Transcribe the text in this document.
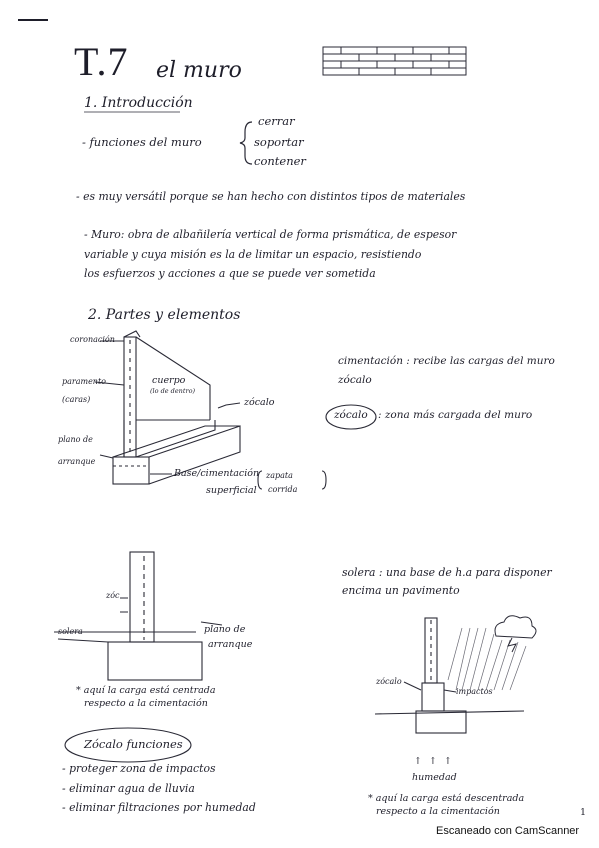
T.7 el muro
1. Introducción
- funciones del muro
cerrar
soportar
contener
- es muy versátil porque se han hecho con distintos tipos de materiales
- Muro: obra de albañilería vertical de forma prismática, de espesor
variable y cuya misión es la de limitar un espacio, resistiendo
los esfuerzos y acciones a que se puede ver sometida
2. Partes y elementos
coronación
paramento
(caras)
cuerpo
(lo de dentro)
zócalo
plano de
arranque
Base/cimentación
superficial
zapata
corrida
cimentación : recibe las cargas del muro
zócalo
zócalo : zona más cargada del muro
zóc
solera	plano de
arranque
* aquí la carga está centrada
respecto a la cimentación
solera : una base de h.a para disponer
encima un pavimento
zócalo
impactos
↑ ↑ ↑
humedad
* aquí la carga está descentrada
respecto a la cimentación
Zócalo funciones
- proteger zona de impactos
- eliminar agua de lluvia
- eliminar filtraciones por humedad	1
Escaneado con CamScanner
